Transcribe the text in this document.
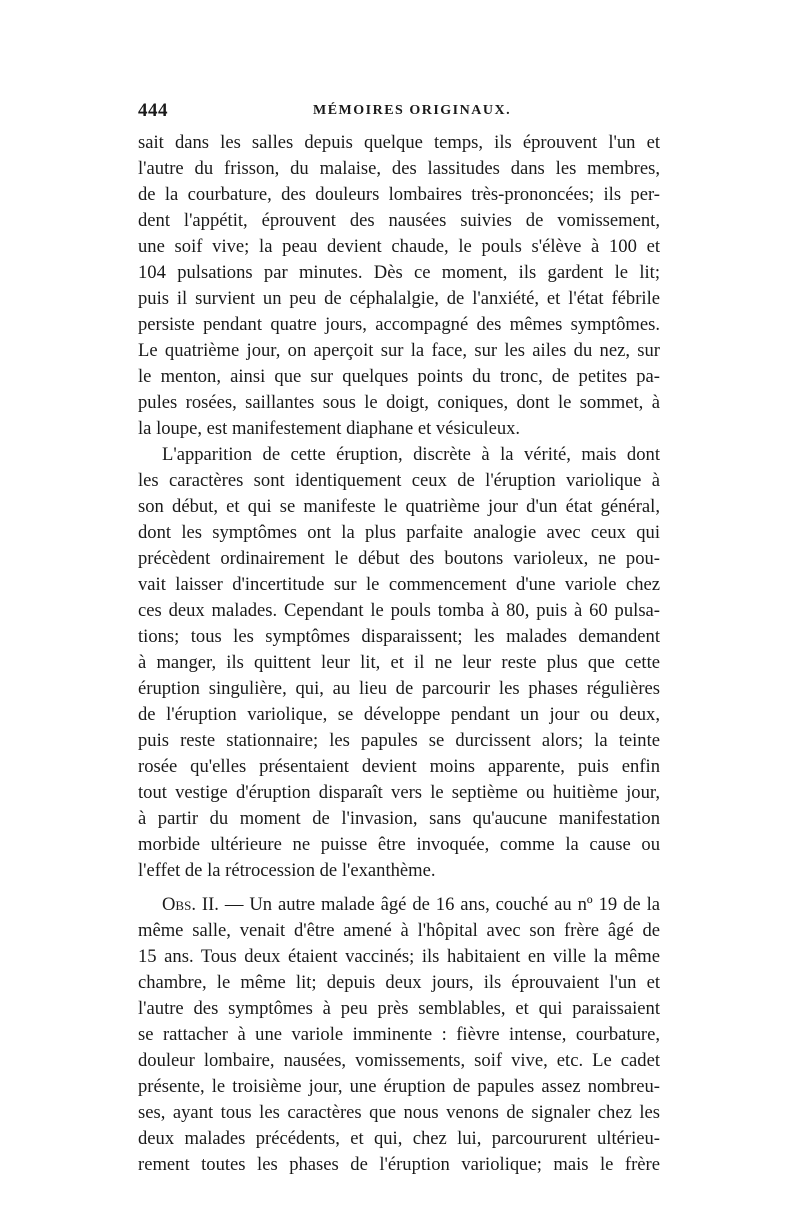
444	MÉMOIRES ORIGINAUX.
sait dans les salles depuis quelque temps, ils éprouvent l'un et
l'autre du frisson, du malaise, des lassitudes dans les membres,
de la courbature, des douleurs lombaires très-prononcées; ils per-
dent l'appétit, éprouvent des nausées suivies de vomissement,
une soif vive; la peau devient chaude, le pouls s'élève à 100 et
104 pulsations par minutes. Dès ce moment, ils gardent le lit;
puis il survient un peu de céphalalgie, de l'anxiété, et l'état fébrile
persiste pendant quatre jours, accompagné des mêmes symptômes.
Le quatrième jour, on aperçoit sur la face, sur les ailes du nez, sur
le menton, ainsi que sur quelques points du tronc, de petites pa-
pules rosées, saillantes sous le doigt, coniques, dont le sommet, à
la loupe, est manifestement diaphane et vésiculeux.
L'apparition de cette éruption, discrète à la vérité, mais dont
les caractères sont identiquement ceux de l'éruption variolique à
son début, et qui se manifeste le quatrième jour d'un état général,
dont les symptômes ont la plus parfaite analogie avec ceux qui
précèdent ordinairement le début des boutons varioleux, ne pou-
vait laisser d'incertitude sur le commencement d'une variole chez
ces deux malades. Cependant le pouls tomba à 80, puis à 60 pulsa-
tions; tous les symptômes disparaissent; les malades demandent
à manger, ils quittent leur lit, et il ne leur reste plus que cette
éruption singulière, qui, au lieu de parcourir les phases régulières
de l'éruption variolique, se développe pendant un jour ou deux,
puis reste stationnaire; les papules se durcissent alors; la teinte
rosée qu'elles présentaient devient moins apparente, puis enfin
tout vestige d'éruption disparaît vers le septième ou huitième jour,
à partir du moment de l'invasion, sans qu'aucune manifestation
morbide ultérieure ne puisse être invoquée, comme la cause ou
l'effet de la rétrocession de l'exanthème.
Obs. II. — Un autre malade âgé de 16 ans, couché au nº 19 de la
même salle, venait d'être amené à l'hôpital avec son frère âgé de
15 ans. Tous deux étaient vaccinés; ils habitaient en ville la même
chambre, le même lit; depuis deux jours, ils éprouvaient l'un et
l'autre des symptômes à peu près semblables, et qui paraissaient
se rattacher à une variole imminente : fièvre intense, courbature,
douleur lombaire, nausées, vomissements, soif vive, etc. Le cadet
présente, le troisième jour, une éruption de papules assez nombreu-
ses, ayant tous les caractères que nous venons de signaler chez les
deux malades précédents, et qui, chez lui, parcoururent ultérieu-
rement toutes les phases de l'éruption variolique; mais le frère
